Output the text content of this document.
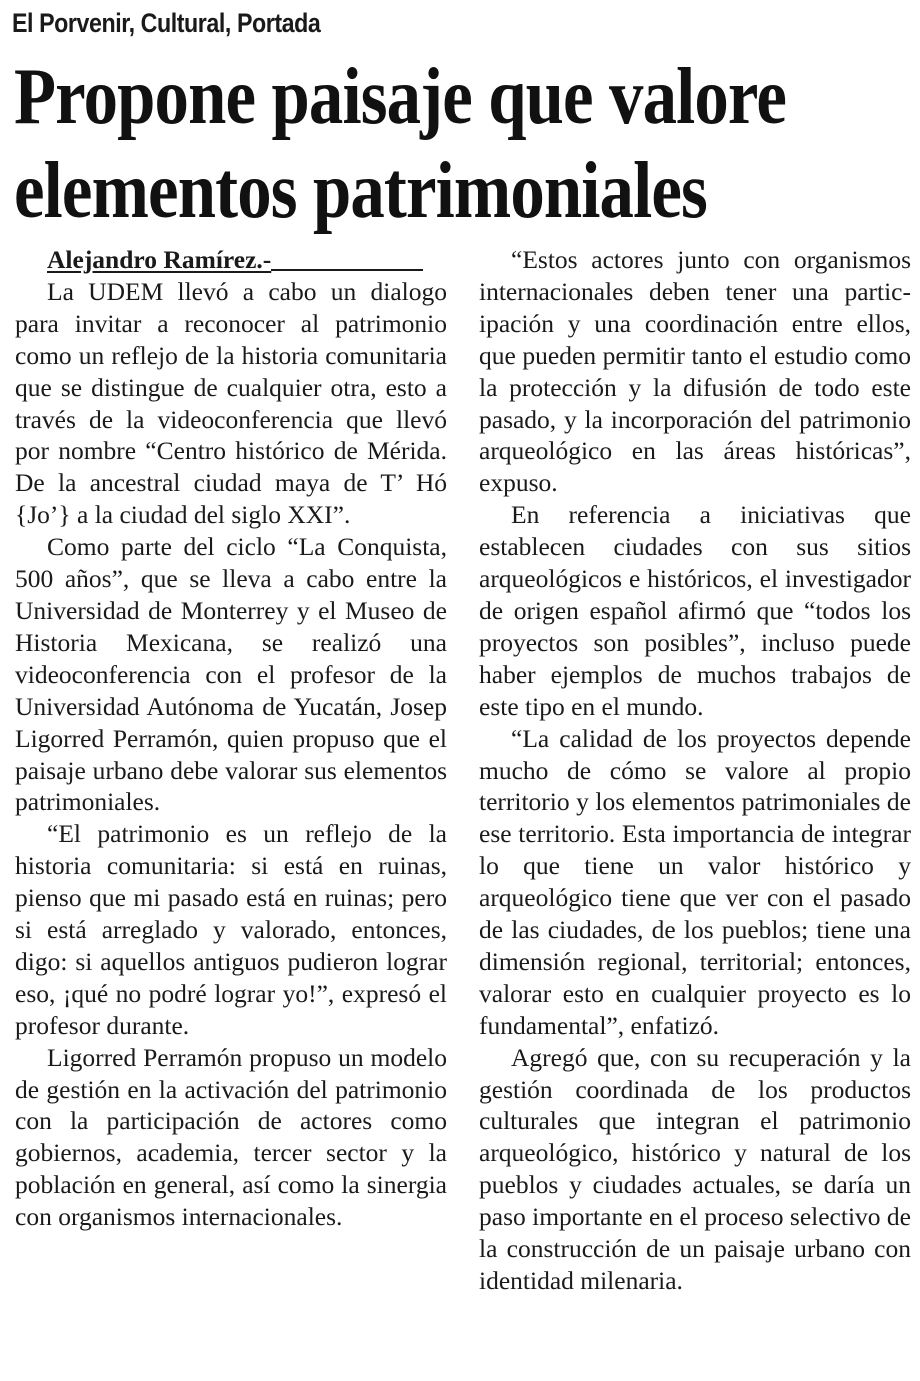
El Porvenir, Cultural, Portada
Propone paisaje que valore
elementos patrimoniales
Alejandro Ramírez.-

La UDEM llevó a cabo un dialogo para invitar a reconocer al patrimonio como un reflejo de la historia comunitaria que se distingue de cualquier otra, esto a través de la videoconferencia que llevó por nombre “Centro histórico de Mérida. De la ancestral ciudad maya de T’ Hó {Jo’} a la ciudad del siglo XXI”.

Como parte del ciclo “La Conquista, 500 años”, que se lleva a cabo entre la Universidad de Monterrey y el Museo de Historia Mexicana, se realizó una videoconferencia con el profesor de la Universidad Autónoma de Yucatán, Josep Ligorred Perramón, quien propuso que el paisaje urbano debe valorar sus elementos patrimoniales.

“El patrimonio es un reflejo de la historia comunitaria: si está en ruinas, pienso que mi pasado está en ruinas; pero si está arreglado y valorado, entonces, digo: si aquellos antiguos pudieron lograr eso, ¡qué no podré lograr yo!”, expresó el profesor durante.

Ligorred Perramón propuso un modelo de gestión en la activación del patrimonio con la participación de actores como gobiernos, academia, tercer sector y la población en general, así como la sinergia con organismos internacionales.

“Estos actores junto con organismos internacionales deben tener una participación y una coordinación entre ellos, que pueden permitir tanto el estudio como la protección y la difusión de todo este pasado, y la incorporación del patrimonio arqueológico en las áreas históricas”, expuso.

En referencia a iniciativas que establecen ciudades con sus sitios arqueológicos e históricos, el investigador de origen español afirmó que “todos los proyectos son posibles”, incluso puede haber ejemplos de muchos trabajos de este tipo en el mundo.

“La calidad de los proyectos depende mucho de cómo se valore al propio territorio y los elementos patrimoniales de ese territorio. Esta importancia de integrar lo que tiene un valor histórico y arqueológico tiene que ver con el pasado de las ciudades, de los pueblos; tiene una dimensión regional, territorial; entonces, valorar esto en cualquier proyecto es lo fundamental”, enfatizó.

Agregó que, con su recuperación y la gestión coordinada de los productos culturales que integran el patrimonio arqueológico, histórico y natural de los pueblos y ciudades actuales, se daría un paso importante en el proceso selectivo de la construcción de un paisaje urbano con identidad milenaria.
